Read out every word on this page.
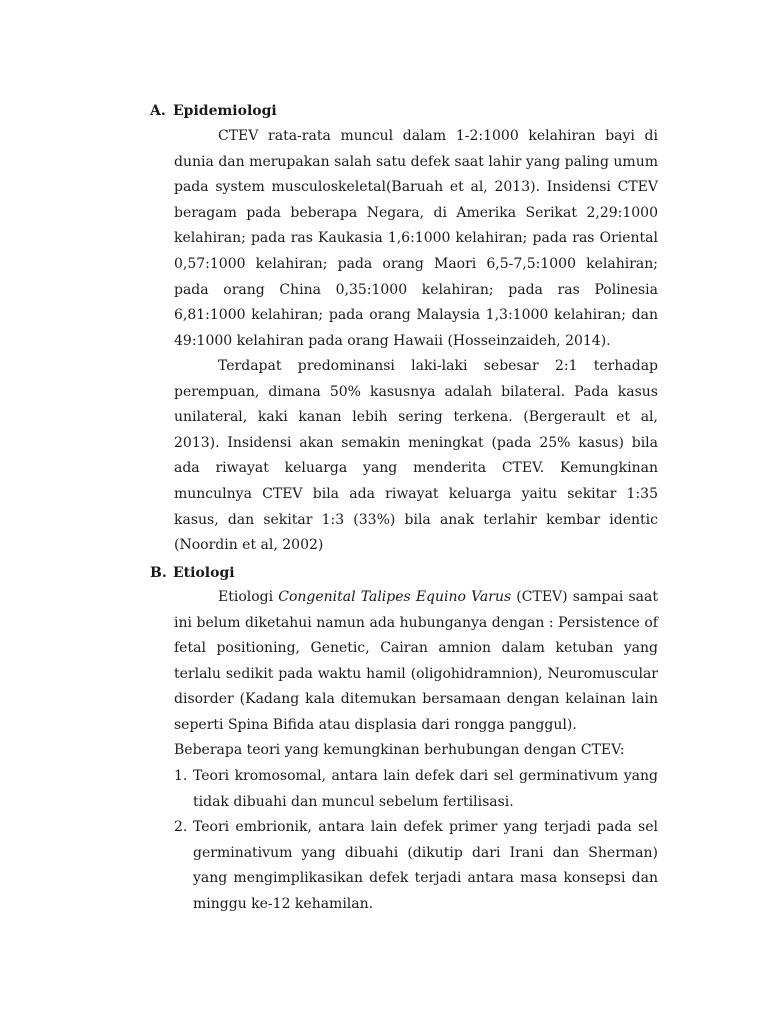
A. Epidemiologi

CTEV rata-rata muncul dalam 1-2:1000 kelahiran bayi di dunia dan merupakan salah satu defek saat lahir yang paling umum pada system musculoskeletal(Baruah et al, 2013). Insidensi CTEV beragam pada beberapa Negara, di Amerika Serikat 2,29:1000 kelahiran; pada ras Kaukasia 1,6:1000 kelahiran; pada ras Oriental 0,57:1000 kelahiran; pada orang Maori 6,5-7,5:1000 kelahiran; pada orang China 0,35:1000 kelahiran; pada ras Polinesia 6,81:1000 kelahiran; pada orang Malaysia 1,3:1000 kelahiran; dan 49:1000 kelahiran pada orang Hawaii (Hosseinzaideh, 2014).

Terdapat predominansi laki-laki sebesar 2:1 terhadap perempuan, dimana 50% kasusnya adalah bilateral. Pada kasus unilateral, kaki kanan lebih sering terkena. (Bergerault et al, 2013). Insidensi akan semakin meningkat (pada 25% kasus) bila ada riwayat keluarga yang menderita CTEV. Kemungkinan munculnya CTEV bila ada riwayat keluarga yaitu sekitar 1:35 kasus, dan sekitar 1:3 (33%) bila anak terlahir kembar identic (Noordin et al, 2002)

B. Etiologi

Etiologi Congenital Talipes Equino Varus (CTEV) sampai saat ini belum diketahui namun ada hubunganya dengan : Persistence of fetal positioning, Genetic, Cairan amnion dalam ketuban yang terlalu sedikit pada waktu hamil (oligohidramnion), Neuromuscular disorder (Kadang kala ditemukan bersamaan dengan kelainan lain seperti Spina Bifida atau displasia dari rongga panggul).

Beberapa teori yang kemungkinan berhubungan dengan CTEV:

1. Teori kromosomal, antara lain defek dari sel germinativum yang tidak dibuahi dan muncul sebelum fertilisasi.
2. Teori embrionik, antara lain defek primer yang terjadi pada sel germinativum yang dibuahi (dikutip dari Irani dan Sherman) yang mengimplikasikan defek terjadi antara masa konsepsi dan minggu ke-12 kehamilan.
